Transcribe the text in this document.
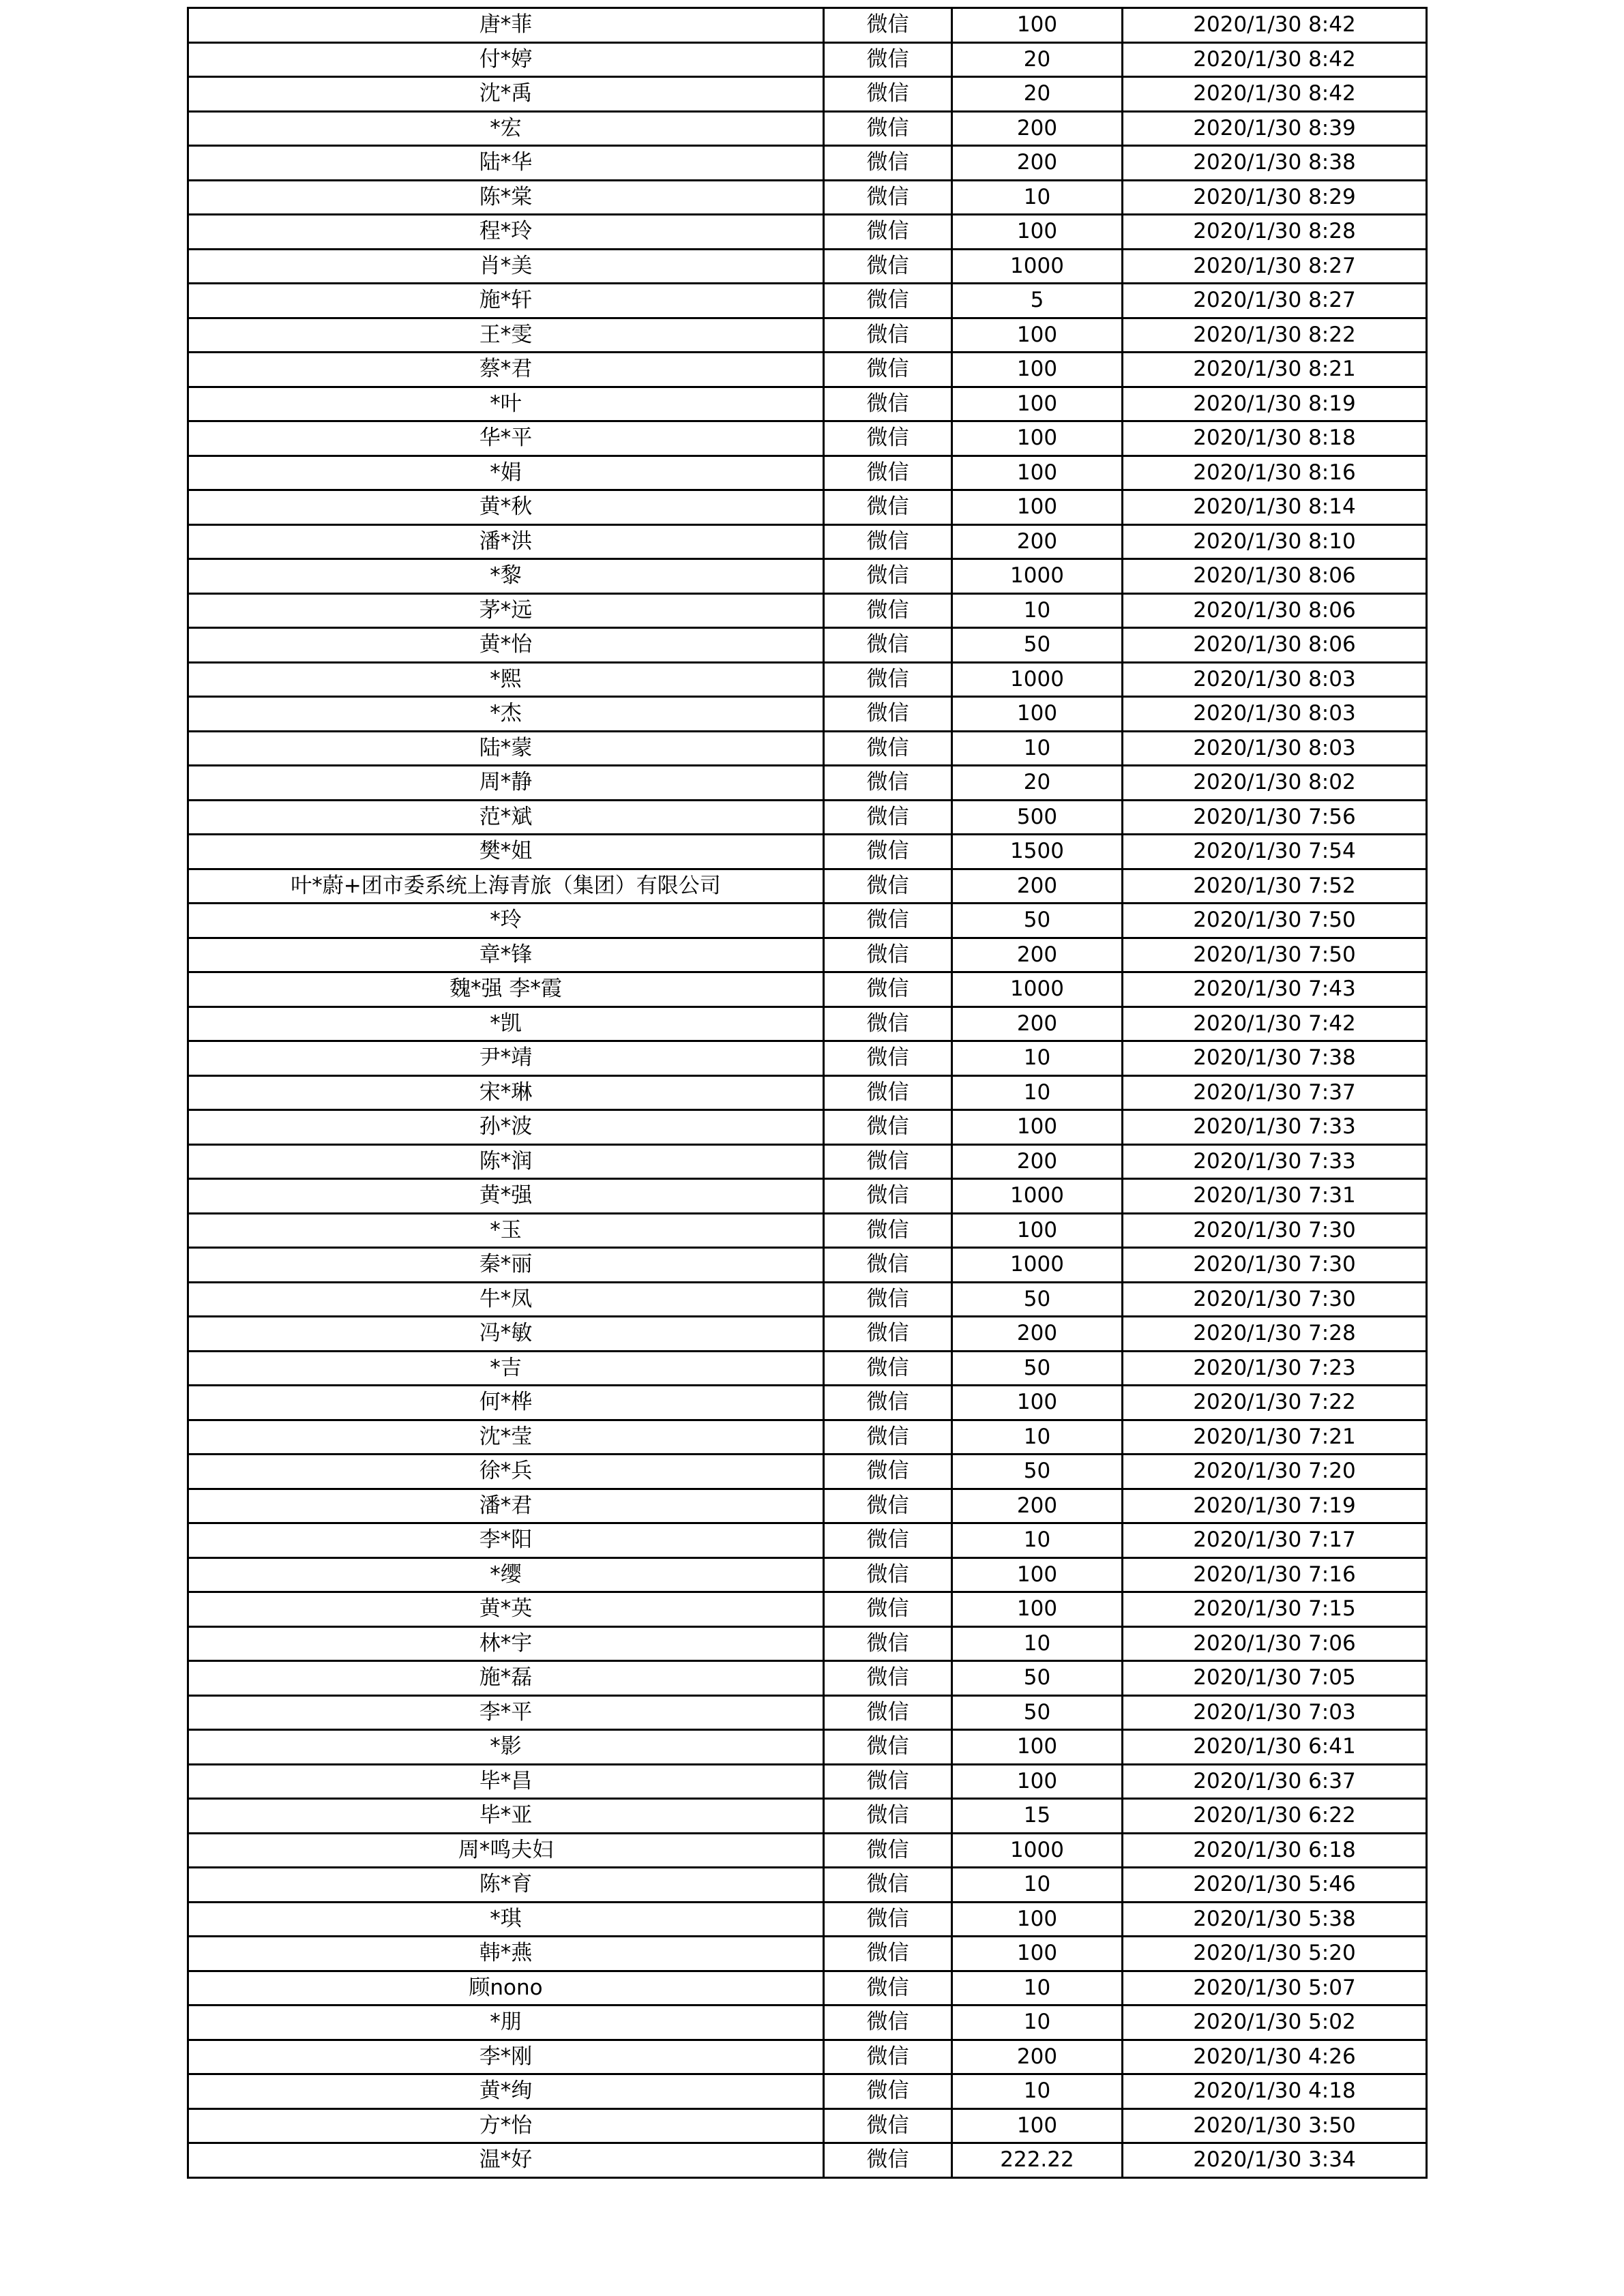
唐*菲	微信	100	2020/1/30 8:42
付*婷	微信	20	2020/1/30 8:42
沈*禹	微信	20	2020/1/30 8:42
*宏	微信	200	2020/1/30 8:39
陆*华	微信	200	2020/1/30 8:38
陈*棠	微信	10	2020/1/30 8:29
程*玲	微信	100	2020/1/30 8:28
肖*美	微信	1000	2020/1/30 8:27
施*轩	微信	5	2020/1/30 8:27
王*雯	微信	100	2020/1/30 8:22
蔡*君	微信	100	2020/1/30 8:21
*叶	微信	100	2020/1/30 8:19
华*平	微信	100	2020/1/30 8:18
*娟	微信	100	2020/1/30 8:16
黄*秋	微信	100	2020/1/30 8:14
潘*洪	微信	200	2020/1/30 8:10
*黎	微信	1000	2020/1/30 8:06
茅*远	微信	10	2020/1/30 8:06
黄*怡	微信	50	2020/1/30 8:06
*熙	微信	1000	2020/1/30 8:03
*杰	微信	100	2020/1/30 8:03
陆*蒙	微信	10	2020/1/30 8:03
周*静	微信	20	2020/1/30 8:02
范*斌	微信	500	2020/1/30 7:56
樊*姐	微信	1500	2020/1/30 7:54
叶*蔚+团市委系统上海青旅（集团）有限公司	微信	200	2020/1/30 7:52
*玲	微信	50	2020/1/30 7:50
章*锋	微信	200	2020/1/30 7:50
魏*强 李*霞	微信	1000	2020/1/30 7:43
*凯	微信	200	2020/1/30 7:42
尹*靖	微信	10	2020/1/30 7:38
宋*琳	微信	10	2020/1/30 7:37
孙*波	微信	100	2020/1/30 7:33
陈*润	微信	200	2020/1/30 7:33
黄*强	微信	1000	2020/1/30 7:31
*玉	微信	100	2020/1/30 7:30
秦*丽	微信	1000	2020/1/30 7:30
牛*凤	微信	50	2020/1/30 7:30
冯*敏	微信	200	2020/1/30 7:28
*吉	微信	50	2020/1/30 7:23
何*桦	微信	100	2020/1/30 7:22
沈*莹	微信	10	2020/1/30 7:21
徐*兵	微信	50	2020/1/30 7:20
潘*君	微信	200	2020/1/30 7:19
李*阳	微信	10	2020/1/30 7:17
*缨	微信	100	2020/1/30 7:16
黄*英	微信	100	2020/1/30 7:15
林*宇	微信	10	2020/1/30 7:06
施*磊	微信	50	2020/1/30 7:05
李*平	微信	50	2020/1/30 7:03
*影	微信	100	2020/1/30 6:41
毕*昌	微信	100	2020/1/30 6:37
毕*亚	微信	15	2020/1/30 6:22
周*鸣夫妇	微信	1000	2020/1/30 6:18
陈*育	微信	10	2020/1/30 5:46
*琪	微信	100	2020/1/30 5:38
韩*燕	微信	100	2020/1/30 5:20
顾nono	微信	10	2020/1/30 5:07
*朋	微信	10	2020/1/30 5:02
李*刚	微信	200	2020/1/30 4:26
黄*绚	微信	10	2020/1/30 4:18
方*怡	微信	100	2020/1/30 3:50
温*好	微信	222.22	2020/1/30 3:34
